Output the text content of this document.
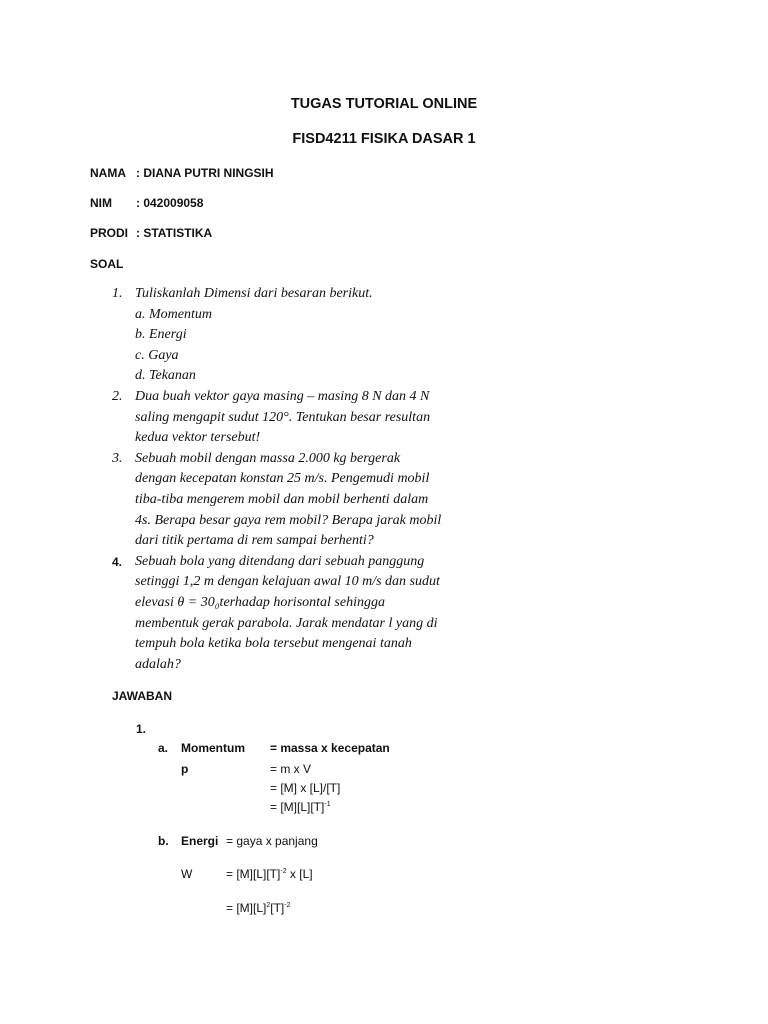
TUGAS TUTORIAL ONLINE
FISD4211 FISIKA DASAR 1
NAMA : DIANA PUTRI NINGSIH
NIM : 042009058
PRODI : STATISTIKA
SOAL
1. Tuliskanlah Dimensi dari besaran berikut.
a. Momentum
b. Energi
c. Gaya
d. Tekanan
2. Dua buah vektor gaya masing – masing 8 N dan 4 N
saling mengapit sudut 120°. Tentukan besar resultan
kedua vektor tersebut!
3. Sebuah mobil dengan massa 2.000 kg bergerak
dengan kecepatan konstan 25 m/s. Pengemudi mobil
tiba-tiba mengerem mobil dan mobil berhenti dalam
4s. Berapa besar gaya rem mobil? Berapa jarak mobil
dari titik pertama di rem sampai berhenti?
4. Sebuah bola yang ditendang dari sebuah panggung
setinggi 1,2 m dengan kelajuan awal 10 m/s dan sudut
elevasi θ = 30₀terhadap horisontal sehingga
membentuk gerak parabola. Jarak mendatar l yang di
tempuh bola ketika bola tersebut mengenai tanah
adalah?
JAWABAN
1.
a. Momentum = massa x kecepatan
p	= m x V
= [M] x [L]/[T]
= $[M][L][T]^{-1}$
b. Energi = gaya x panjang
W	= $[M][L][T]^{-2}$ x [L]
= $[M][L]^2[T]^{-2}$
